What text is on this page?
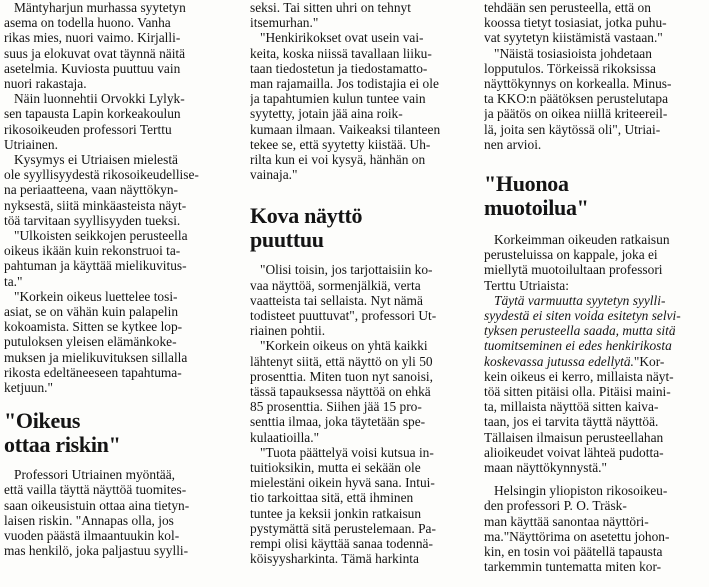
Mäntyharjun murhassa syytetyn
asema on todella huono. Vanha
rikas mies, nuori vaimo. Kirjalli-
suus ja elokuvat ovat täynnä näitä
asetelmia. Kuviosta puuttuu vain
nuori rakastaja.

Näin luonnehtii Orvokki Lylyk-
sen tapausta Lapin korkeakoulun
rikosoikeuden professori Terttu
Utriainen.

Kysymys ei Utriaisen mielestä
ole syyllisyydestä rikosoikeudellise-
na periaatteena, vaan näyttökyn-
nyksestä, siitä minkäasteista näyt-
töä tarvitaan syyllisyyden tueksi.

"Ulkoisten seikkojen perusteella
oikeus ikään kuin rekonstruoi ta-
pahtuman ja käyttää mielikuvitus-
ta."

"Korkein oikeus luettelee tosi-
asiat, se on vähän kuin palapelin
kokoamista. Sitten se kytkee lop-
putuloksen yleisen elämänkoke-
muksen ja mielikuvituksen sillalla
rikosta edeltäneeseen tapahtuma-
ketjuun."

"Oikeus
ottaa riskin"

Professori Utriainen myöntää,
että vailla täyttä näyttöä tuomites-
saan oikeusistuin ottaa aina tietyn-
laisen riskin. "Annapas olla, jos
vuoden päästä ilmaantuukin kol-
mas henkilö, joka paljastuu syylli-

seksi. Tai sitten uhri on tehnyt
itsemurhan."

"Henkirikokset ovat usein vai-
keita, koska niissä tavallaan liiku-
taan tiedostetun ja tiedostamatto-
man rajamailla. Jos todistajia ei ole
ja tapahtumien kulun tuntee vain
syytetty, jotain jää aina roik-
kumaan ilmaan. Vaikeaksi tilanteen
tekee se, että syytetty kiistää. Uh-
rilta kun ei voi kysyä, hänhän on
vainaja."

Kova näyttö
puuttuu

"Olisi toisin, jos tarjottaisiin ko-
vaa näyttöä, sormenjälkiä, verta
vaatteista tai sellaista. Nyt nämä
todisteet puuttuvat", professori Ut-
riainen pohtii.

"Korkein oikeus on yhtä kaikki
lähtenyt siitä, että näyttö on yli 50
prosenttia. Miten tuon nyt sanoisi,
tässä tapauksessa näyttöä on ehkä
85 prosenttia. Siihen jää 15 pro-
senttia ilmaa, joka täytetään spe-
kulaatioilla."

"Tuota päättelyä voisi kutsua in-
tuitioksikin, mutta ei sekään ole
mielestäni oikein hyvä sana. Intui-
tio tarkoittaa sitä, että ihminen
tuntee ja keksii jonkin ratkaisun
pystymättä sitä perustelemaan. Pa-
rempi olisi käyttää sanaa todennä-
köisyysharkinta. Tämä harkinta

tehdään sen perusteella, että on
koossa tietyt tosiasiat, jotka puhu-
vat syytetyn kiistämistä vastaan."

"Näistä tosiasioista johdetaan
lopputulos. Törkeissä rikoksissa
näyttökynnys on korkealla. Minus-
ta KKO:n päätöksen perustelutapa
ja päätös on oikea niillä kriteereil-
lä, joita sen käytössä oli", Utriai-
nen arvioi.

"Huonoa
muotoilua"

Korkeimman oikeuden ratkaisun
perusteluissa on kappale, joka ei
miellytä muotoilultaan professori
Terttu Utriaista:

Täytä varmuutta syytetyn syylli-
syydestä ei siten voida esitetyn selvi-
tyksen perusteella saada, mutta sitä
tuomitseminen ei edes henkirikosta
koskevassa jutussa edellytä."Kor-
kein oikeus ei kerro, millaista näyt-
töä sitten pitäisi olla. Pitäisi maini-
ta, millaista näyttöä sitten kaiva-
taan, jos ei tarvita täyttä näyttöä.
Tällaisen ilmaisun perusteellahan
alioikeudet voivat lähteä pudotta-
maan näyttökynnystä."

Helsingin yliopiston rikosoikeu-
den professori P. O. Träsk-
man käyttää sanontaa näyttöri-
ma."Näyttörima on asetettu johon-
kin, en tosin voi päätellä tapausta
tarkemmin tuntematta miten kor-
